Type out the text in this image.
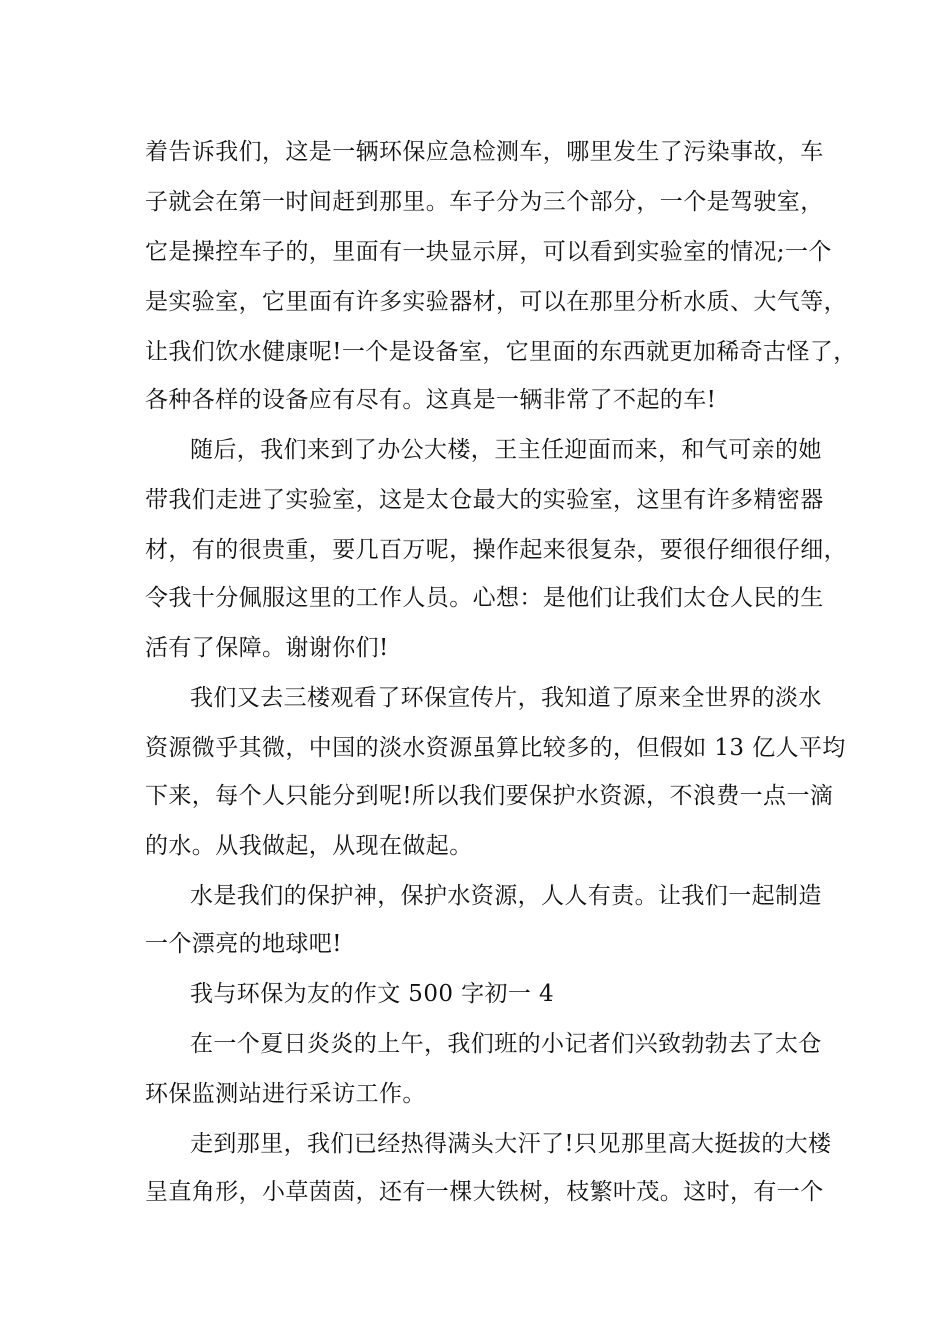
着告诉我们，这是一辆环保应急检测车，哪里发生了污染事故，车
子就会在第一时间赶到那里。车子分为三个部分，一个是驾驶室，
它是操控车子的，里面有一块显示屏，可以看到实验室的情况;一个
是实验室，它里面有许多实验器材，可以在那里分析水质、大气等，
让我们饮水健康呢!一个是设备室，它里面的东西就更加稀奇古怪了，
各种各样的设备应有尽有。这真是一辆非常了不起的车!
随后，我们来到了办公大楼，王主任迎面而来，和气可亲的她
带我们走进了实验室，这是太仓最大的实验室，这里有许多精密器
材，有的很贵重，要几百万呢，操作起来很复杂，要很仔细很仔细，
令我十分佩服这里的工作人员。心想：是他们让我们太仓人民的生
活有了保障。谢谢你们!
我们又去三楼观看了环保宣传片，我知道了原来全世界的淡水
资源微乎其微，中国的淡水资源虽算比较多的，但假如 13 亿人平均
下来，每个人只能分到呢!所以我们要保护水资源，不浪费一点一滴
的水。从我做起，从现在做起。
水是我们的保护神，保护水资源，人人有责。让我们一起制造
一个漂亮的地球吧!
我与环保为友的作文 500 字初一 4
在一个夏日炎炎的上午，我们班的小记者们兴致勃勃去了太仓
环保监测站进行采访工作。
走到那里，我们已经热得满头大汗了!只见那里高大挺拔的大楼
呈直角形，小草茵茵，还有一棵大铁树，枝繁叶茂。这时，有一个
